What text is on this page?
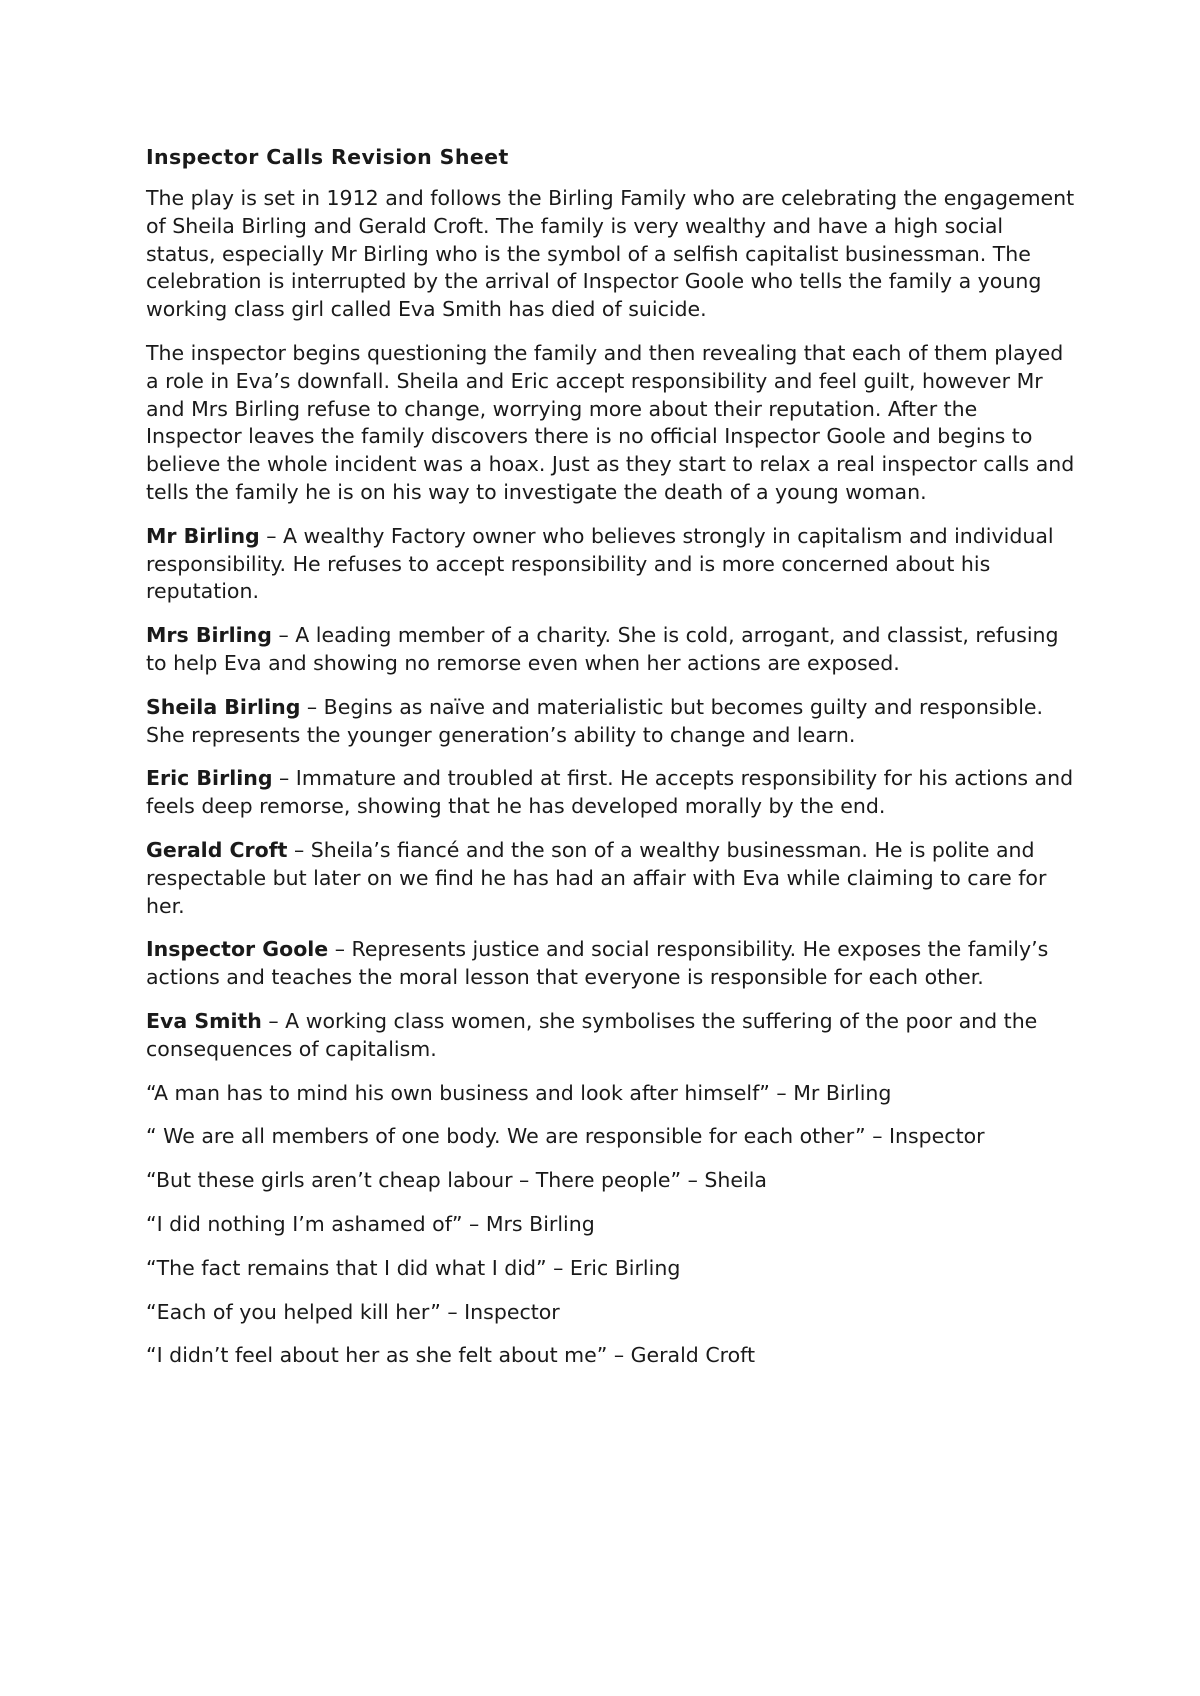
Inspector Calls Revision Sheet

The play is set in 1912 and follows the Birling Family who are celebrating the engagement of Sheila Birling and Gerald Croft. The family is very wealthy and have a high social status, especially Mr Birling who is the symbol of a selfish capitalist businessman. The celebration is interrupted by the arrival of Inspector Goole who tells the family a young working class girl called Eva Smith has died of suicide.

The inspector begins questioning the family and then revealing that each of them played a role in Eva’s downfall. Sheila and Eric accept responsibility and feel guilt, however Mr and Mrs Birling refuse to change, worrying more about their reputation. After the Inspector leaves the family discovers there is no official Inspector Goole and begins to believe the whole incident was a hoax. Just as they start to relax a real inspector calls and tells the family he is on his way to investigate the death of a young woman.

Mr Birling – A wealthy Factory owner who believes strongly in capitalism and individual responsibility. He refuses to accept responsibility and is more concerned about his reputation.

Mrs Birling – A leading member of a charity. She is cold, arrogant, and classist, refusing to help Eva and showing no remorse even when her actions are exposed.

Sheila Birling – Begins as naïve and materialistic but becomes guilty and responsible. She represents the younger generation’s ability to change and learn.

Eric Birling – Immature and troubled at first. He accepts responsibility for his actions and feels deep remorse, showing that he has developed morally by the end.

Gerald Croft – Sheila’s fiancé and the son of a wealthy businessman. He is polite and respectable but later on we find he has had an affair with Eva while claiming to care for her.

Inspector Goole – Represents justice and social responsibility. He exposes the family’s actions and teaches the moral lesson that everyone is responsible for each other.

Eva Smith – A working class women, she symbolises the suffering of the poor and the consequences of capitalism.

“A man has to mind his own business and look after himself” – Mr Birling

“ We are all members of one body. We are responsible for each other” – Inspector

“But these girls aren’t cheap labour – There people” – Sheila

“I did nothing I’m ashamed of” – Mrs Birling

“The fact remains that I did what I did” – Eric Birling

“Each of you helped kill her” – Inspector

“I didn’t feel about her as she felt about me” – Gerald Croft
